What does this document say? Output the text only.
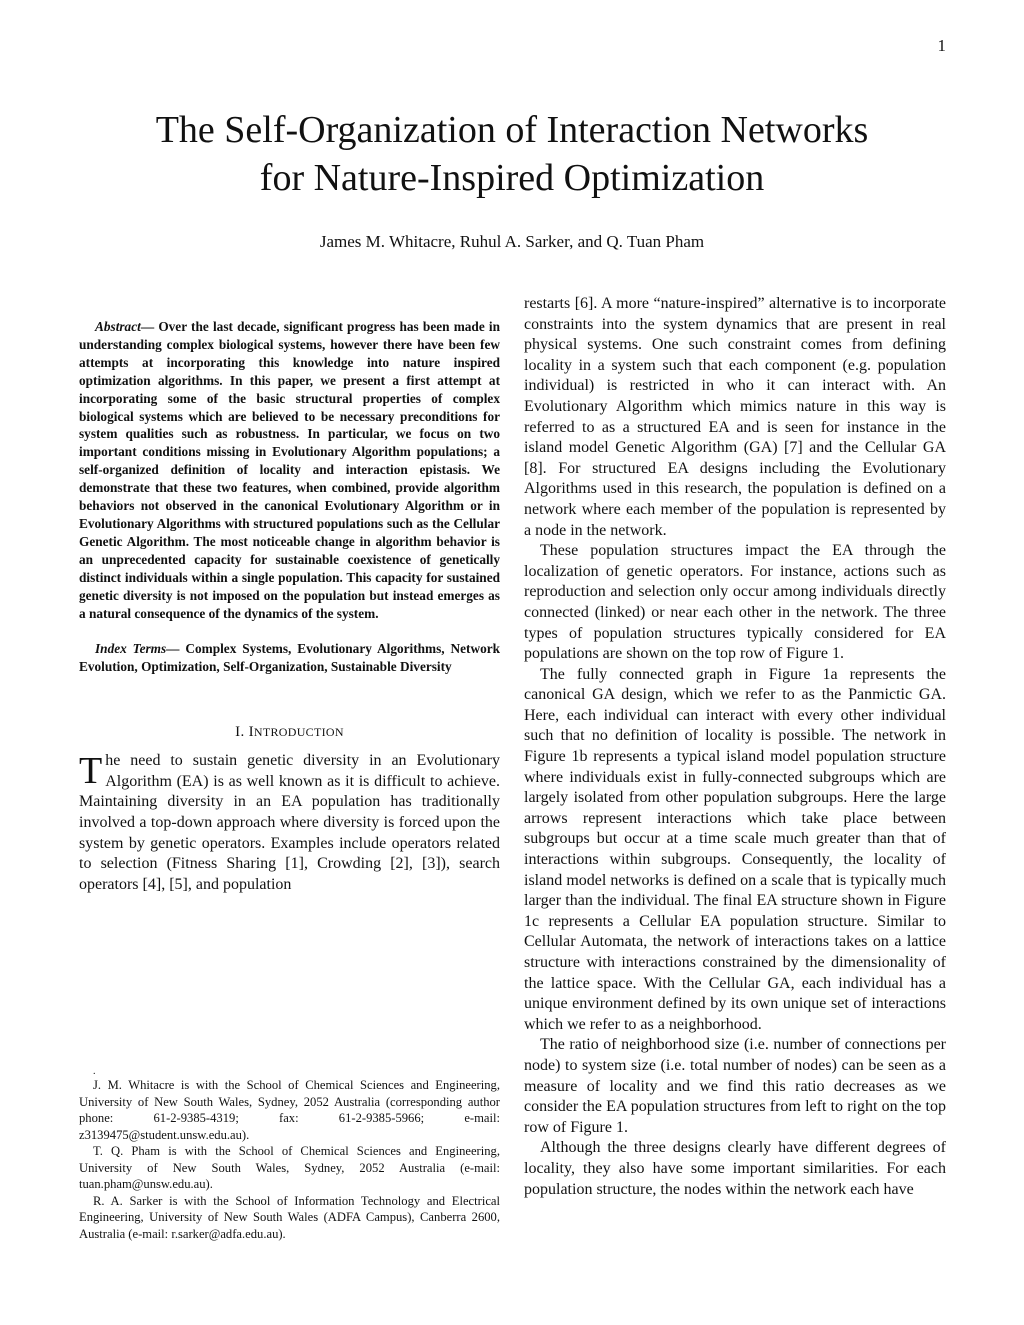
1
The Self-Organization of Interaction Networks
for Nature-Inspired Optimization
James M. Whitacre, Ruhul A. Sarker, and Q. Tuan Pham

Abstract— Over the last decade, significant progress has been made in understanding complex biological systems, however there have been few attempts at incorporating this knowledge into nature inspired optimization algorithms. In this paper, we present a first attempt at incorporating some of the basic structural properties of complex biological systems which are believed to be necessary preconditions for system qualities such as robustness. In particular, we focus on two important conditions missing in Evolutionary Algorithm populations; a self-organized definition of locality and interaction epistasis. We demonstrate that these two features, when combined, provide algorithm behaviors not observed in the canonical Evolutionary Algorithm or in Evolutionary Algorithms with structured populations such as the Cellular Genetic Algorithm. The most noticeable change in algorithm behavior is an unprecedented capacity for sustainable coexistence of genetically distinct individuals within a single population. This capacity for sustained genetic diversity is not imposed on the population but instead emerges as a natural consequence of the dynamics of the system.

Index Terms— Complex Systems, Evolutionary Algorithms, Network Evolution, Optimization, Self-Organization, Sustainable Diversity

I. INTRODUCTION

The need to sustain genetic diversity in an Evolutionary Algorithm (EA) is as well known as it is difficult to achieve. Maintaining diversity in an EA population has traditionally involved a top-down approach where diversity is forced upon the system by genetic operators. Examples include operators related to selection (Fitness Sharing [1], Crowding [2], [3]), search operators [4], [5], and population

restarts [6]. A more “nature-inspired” alternative is to incorporate constraints into the system dynamics that are present in real physical systems. One such constraint comes from defining locality in a system such that each component (e.g. population individual) is restricted in who it can interact with. An Evolutionary Algorithm which mimics nature in this way is referred to as a structured EA and is seen for instance in the island model Genetic Algorithm (GA) [7] and the Cellular GA [8]. For structured EA designs including the Evolutionary Algorithms used in this research, the population is defined on a network where each member of the population is represented by a node in the network.

These population structures impact the EA through the localization of genetic operators. For instance, actions such as reproduction and selection only occur among individuals directly connected (linked) or near each other in the network. The three types of population structures typically considered for EA populations are shown on the top row of Figure 1.

The fully connected graph in Figure 1a represents the canonical GA design, which we refer to as the Panmictic GA. Here, each individual can interact with every other individual such that no definition of locality is possible. The network in Figure 1b represents a typical island model population structure where individuals exist in fully-connected subgroups which are largely isolated from other population subgroups. Here the large arrows represent interactions which take place between subgroups but occur at a time scale much greater than that of interactions within subgroups. Consequently, the locality of island model networks is defined on a scale that is typically much larger than the individual. The final EA structure shown in Figure 1c represents a Cellular EA population structure. Similar to Cellular Automata, the network of interactions takes on a lattice structure with interactions constrained by the dimensionality of the lattice space. With the Cellular GA, each individual has a unique environment defined by its own unique set of interactions which we refer to as a neighborhood.

The ratio of neighborhood size (i.e. number of connections per node) to system size (i.e. total number of nodes) can be seen as a measure of locality and we find this ratio decreases as we consider the EA population structures from left to right on the top row of Figure 1.

Although the three designs clearly have different degrees of locality, they also have some important similarities. For each population structure, the nodes within the network each have

.

J. M. Whitacre is with the School of Chemical Sciences and Engineering, University of New South Wales, Sydney, 2052 Australia (corresponding author phone: 61-2-9385-4319; fax: 61-2-9385-5966; e-mail: z3139475@student.unsw.edu.au).

T. Q. Pham is with the School of Chemical Sciences and Engineering, University of New South Wales, Sydney, 2052 Australia (e-mail: tuan.pham@unsw.edu.au).

R. A. Sarker is with the School of Information Technology and Electrical Engineering, University of New South Wales (ADFA Campus), Canberra 2600, Australia (e-mail: r.sarker@adfa.edu.au).
